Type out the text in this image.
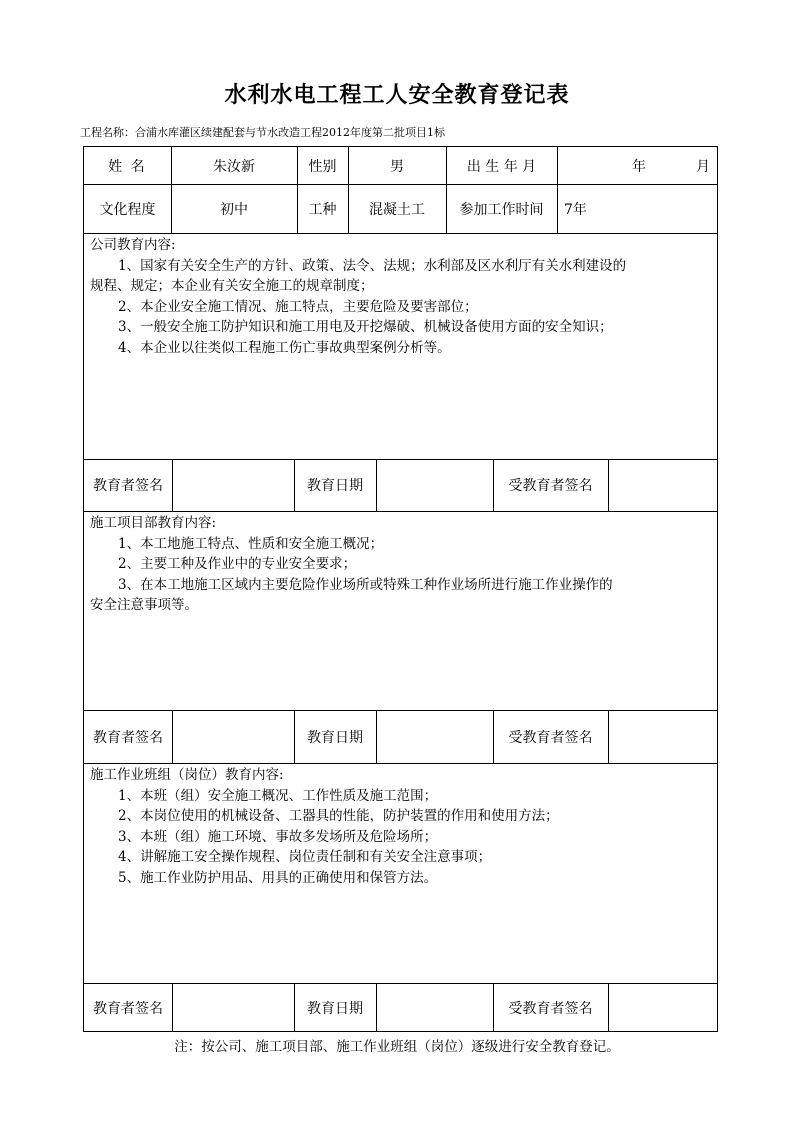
水利水电工程工人安全教育登记表
工程名称：合浦水库灌区续建配套与节水改造工程2012年度第二批项目1标
姓 名	朱汝新	性别	男	出 生 年 月	年	月
文化程度	初中	工种	混凝土工	参加工作时间	7年

公司教育内容:

1、国家有关安全生产的方针、政策、法令、法规；水利部及区水利厅有关水利建设的

规程、规定；本企业有关安全施工的规章制度；

2、本企业安全施工情况、施工特点，主要危险及要害部位；

3、一般安全施工防护知识和施工用电及开挖爆破、机械设备使用方面的安全知识；

4、本企业以往类似工程施工伤亡事故典型案例分析等。

教育者签名	教育日期	受教育者签名

施工项目部教育内容:

1、本工地施工特点、性质和安全施工概况；

2、主要工种及作业中的专业安全要求；

3、在本工地施工区域内主要危险作业场所或特殊工种作业场所进行施工作业操作的

安全注意事项等。

教育者签名	教育日期	受教育者签名

施工作业班组（岗位）教育内容:

1、本班（组）安全施工概况、工作性质及施工范围；

2、本岗位使用的机械设备、工器具的性能，防护装置的作用和使用方法；

3、本班（组）施工环境、事故多发场所及危险场所；

4、讲解施工安全操作规程、岗位责任制和有关安全注意事项；

5、施工作业防护用品、用具的正确使用和保管方法。

教育者签名	教育日期	受教育者签名
注：按公司、施工项目部、施工作业班组（岗位）逐级进行安全教育登记。
